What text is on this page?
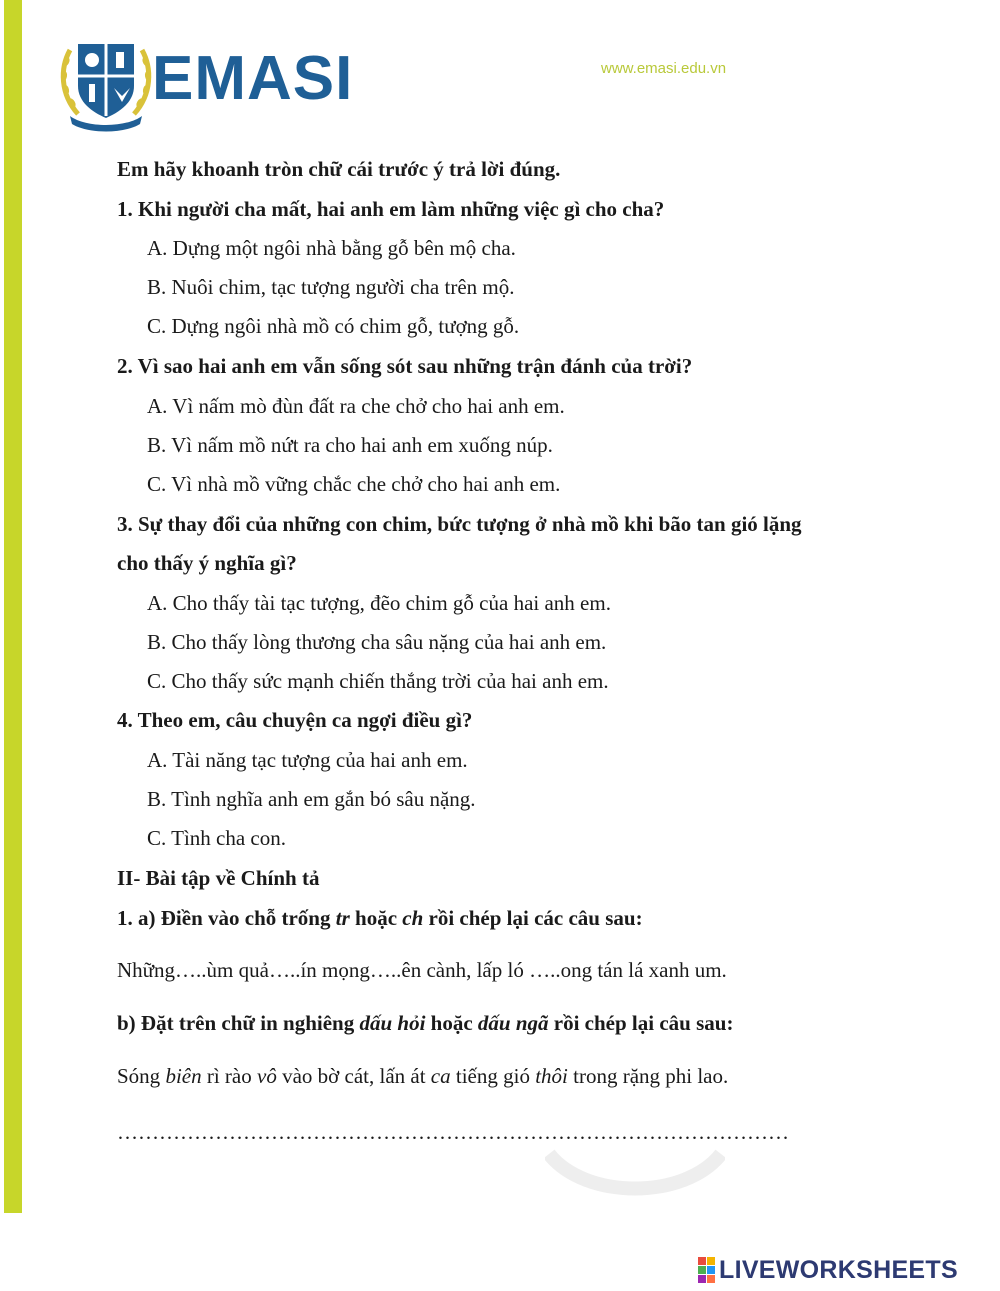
EMASI	www.emasi.edu.vn
Em hãy khoanh tròn chữ cái trước ý trả lời đúng.
1. Khi người cha mất, hai anh em làm những việc gì cho cha?
A. Dựng một ngôi nhà bằng gỗ bên mộ cha.
B. Nuôi chim, tạc tượng người cha trên mộ.
C. Dựng ngôi nhà mồ có chim gỗ, tượng gỗ.
2. Vì sao hai anh em vẫn sống sót sau những trận đánh của trời?
A. Vì nấm mò đùn đất ra che chở cho hai anh em.
B. Vì nấm mồ nứt ra cho hai anh em xuống núp.
C. Vì nhà mồ vững chắc che chở cho hai anh em.
3. Sự thay đổi của những con chim, bức tượng ở nhà mồ khi bão tan gió lặng
cho thấy ý nghĩa gì?
A. Cho thấy tài tạc tượng, đẽo chim gỗ của hai anh em.
B. Cho thấy lòng thương cha sâu nặng của hai anh em.
C. Cho thấy sức mạnh chiến thắng trời của hai anh em.
4. Theo em, câu chuyện ca ngợi điều gì?
A. Tài năng tạc tượng của hai anh em.
B. Tình nghĩa anh em gắn bó sâu nặng.
C. Tình cha con.
II- Bài tập về Chính tả
1. a) Điền vào chỗ trống tr hoặc ch rồi chép lại các câu sau:
Những…..ùm quả…..ín mọng…..ên cành, lấp ló …..ong tán lá xanh um.
b) Đặt trên chữ in nghiêng dấu hỏi hoặc dấu ngã rồi chép lại câu sau:
Sóng biên rì rào vô vào bờ cát, lấn át ca tiếng gió thôi trong rặng phi lao.
……………………………………………………………………………………
LIVEWORKSHEETS
